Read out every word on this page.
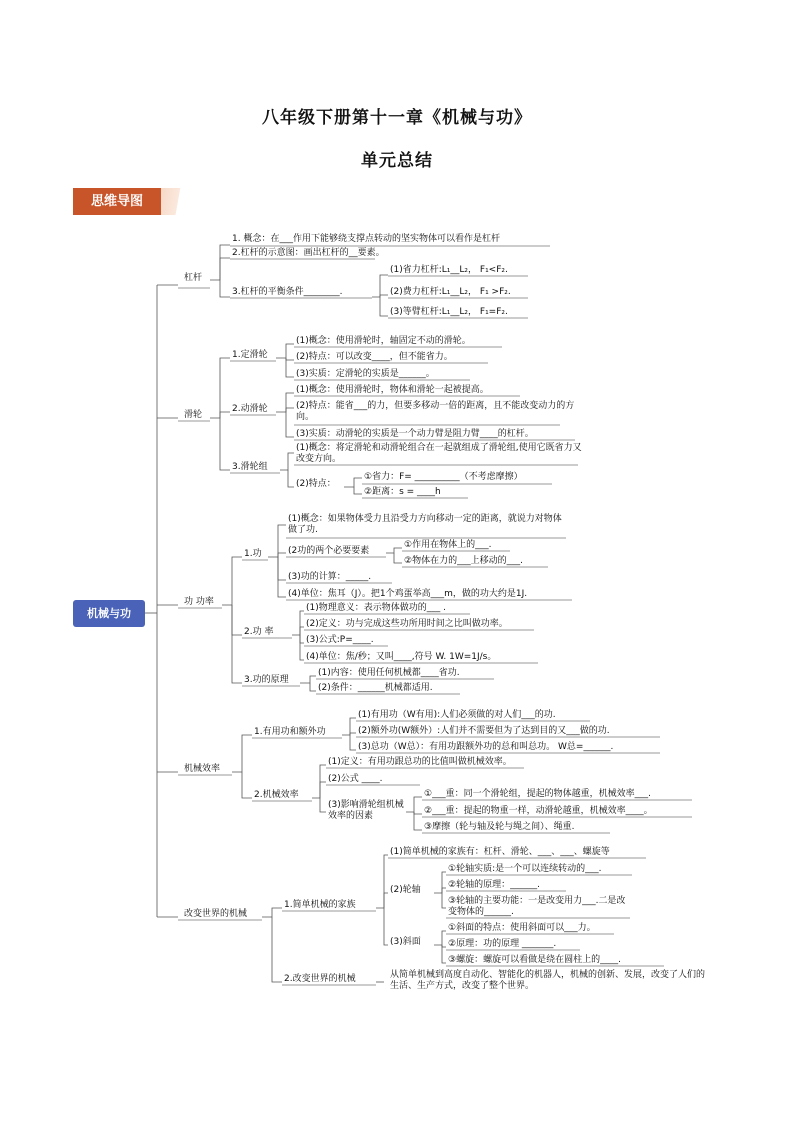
八年级下册第十一章《机械与功》
单元总结
思维导图
机械与功
杠杆
1. 概念：在___作用下能够绕支撑点转动的坚实物体可以看作是杠杆
2.杠杆的示意图：画出杠杆的__要素。
3.杠杆的平衡条件________.
(1)省力杠杆:L₁__L₂， F₁<F₂.
(2)费力杠杆:L₁__L₂， F₁ >F₂.
(3)等臂杠杆:L₁__L₂， F₁=F₂.
滑轮
1.定滑轮
(1)概念：使用滑轮时，轴固定不动的滑轮。
(2)特点：可以改变____，但不能省力。
(3)实质：定滑轮的实质是______。
2.动滑轮
(1)概念：使用滑轮时，物体和滑轮一起被提高。
(2)特点：能省___的力，但要多移动一倍的距离，且不能改变动力的方向。
(3)实质：动滑轮的实质是一个动力臂是阻力臂____的杠杆。
3.滑轮组
(1)概念：将定滑轮和动滑轮组合在一起就组成了滑轮组,使用它既省力又改变方向。
(2)特点：
①省力：F= __________（不考虑摩擦）
②距离：s = ____h
功 功率
1.功
(1)概念：如果物体受力且沿受力方向移动一定的距离，就说力对物体做了功.
(2功的两个必要要素
①作用在物体上的___.
②物体在力的___上移动的___.
(3)功的计算：_____.
(4)单位：焦耳（J）。把1个鸡蛋举高___m，做的功大约是1J.
2.功 率
(1)物理意义：表示物体做功的___ .
(2)定义：功与完成这些功所用时间之比叫做功率。
(3)公式:P=____.
(4)单位：焦/秒；又叫____,符号 W. 1W=1J/s。
3.功的原理
(1)内容：使用任何机械都____省功.
(2)条件：______机械都适用.
机械效率
1.有用功和额外功
(1)有用功（W有用):人们必须做的对人们___的功.
(2)额外功(W额外）:人们并不需要但为了达到目的又___做的功.
(3)总功（W总）：有用功跟额外功的总和叫总功。 W总=______.
2.机械效率
(1)定义：有用功跟总功的比值叫做机械效率。
(2)公式 ____.
(3)影响滑轮组机械效率的因素
①___重：同一个滑轮组，提起的物体越重，机械效率___.
②___重：提起的物重一样，动滑轮越重，机械效率____。
③摩擦（轮与轴及轮与绳之间）、绳重.
改变世界的机械
1.简单机械的家族
(1)简单机械的家族有：杠杆、滑轮、___、___、螺旋等
(2)轮轴
①轮轴实质:是一个可以连续转动的___.
②轮轴的原理：______.
③轮轴的主要功能：一是改变用力___.二是改变物体的______.
(3)斜面
①斜面的特点：使用斜面可以___力。
②原理：功的原理 _______.
③螺旋：螺旋可以看做是绕在圆柱上的____.
2.改变世界的机械	从简单机械到高度自动化、智能化的机器人，机械的创新、发展，改变了人们的生活、生产方式，改变了整个世界。
